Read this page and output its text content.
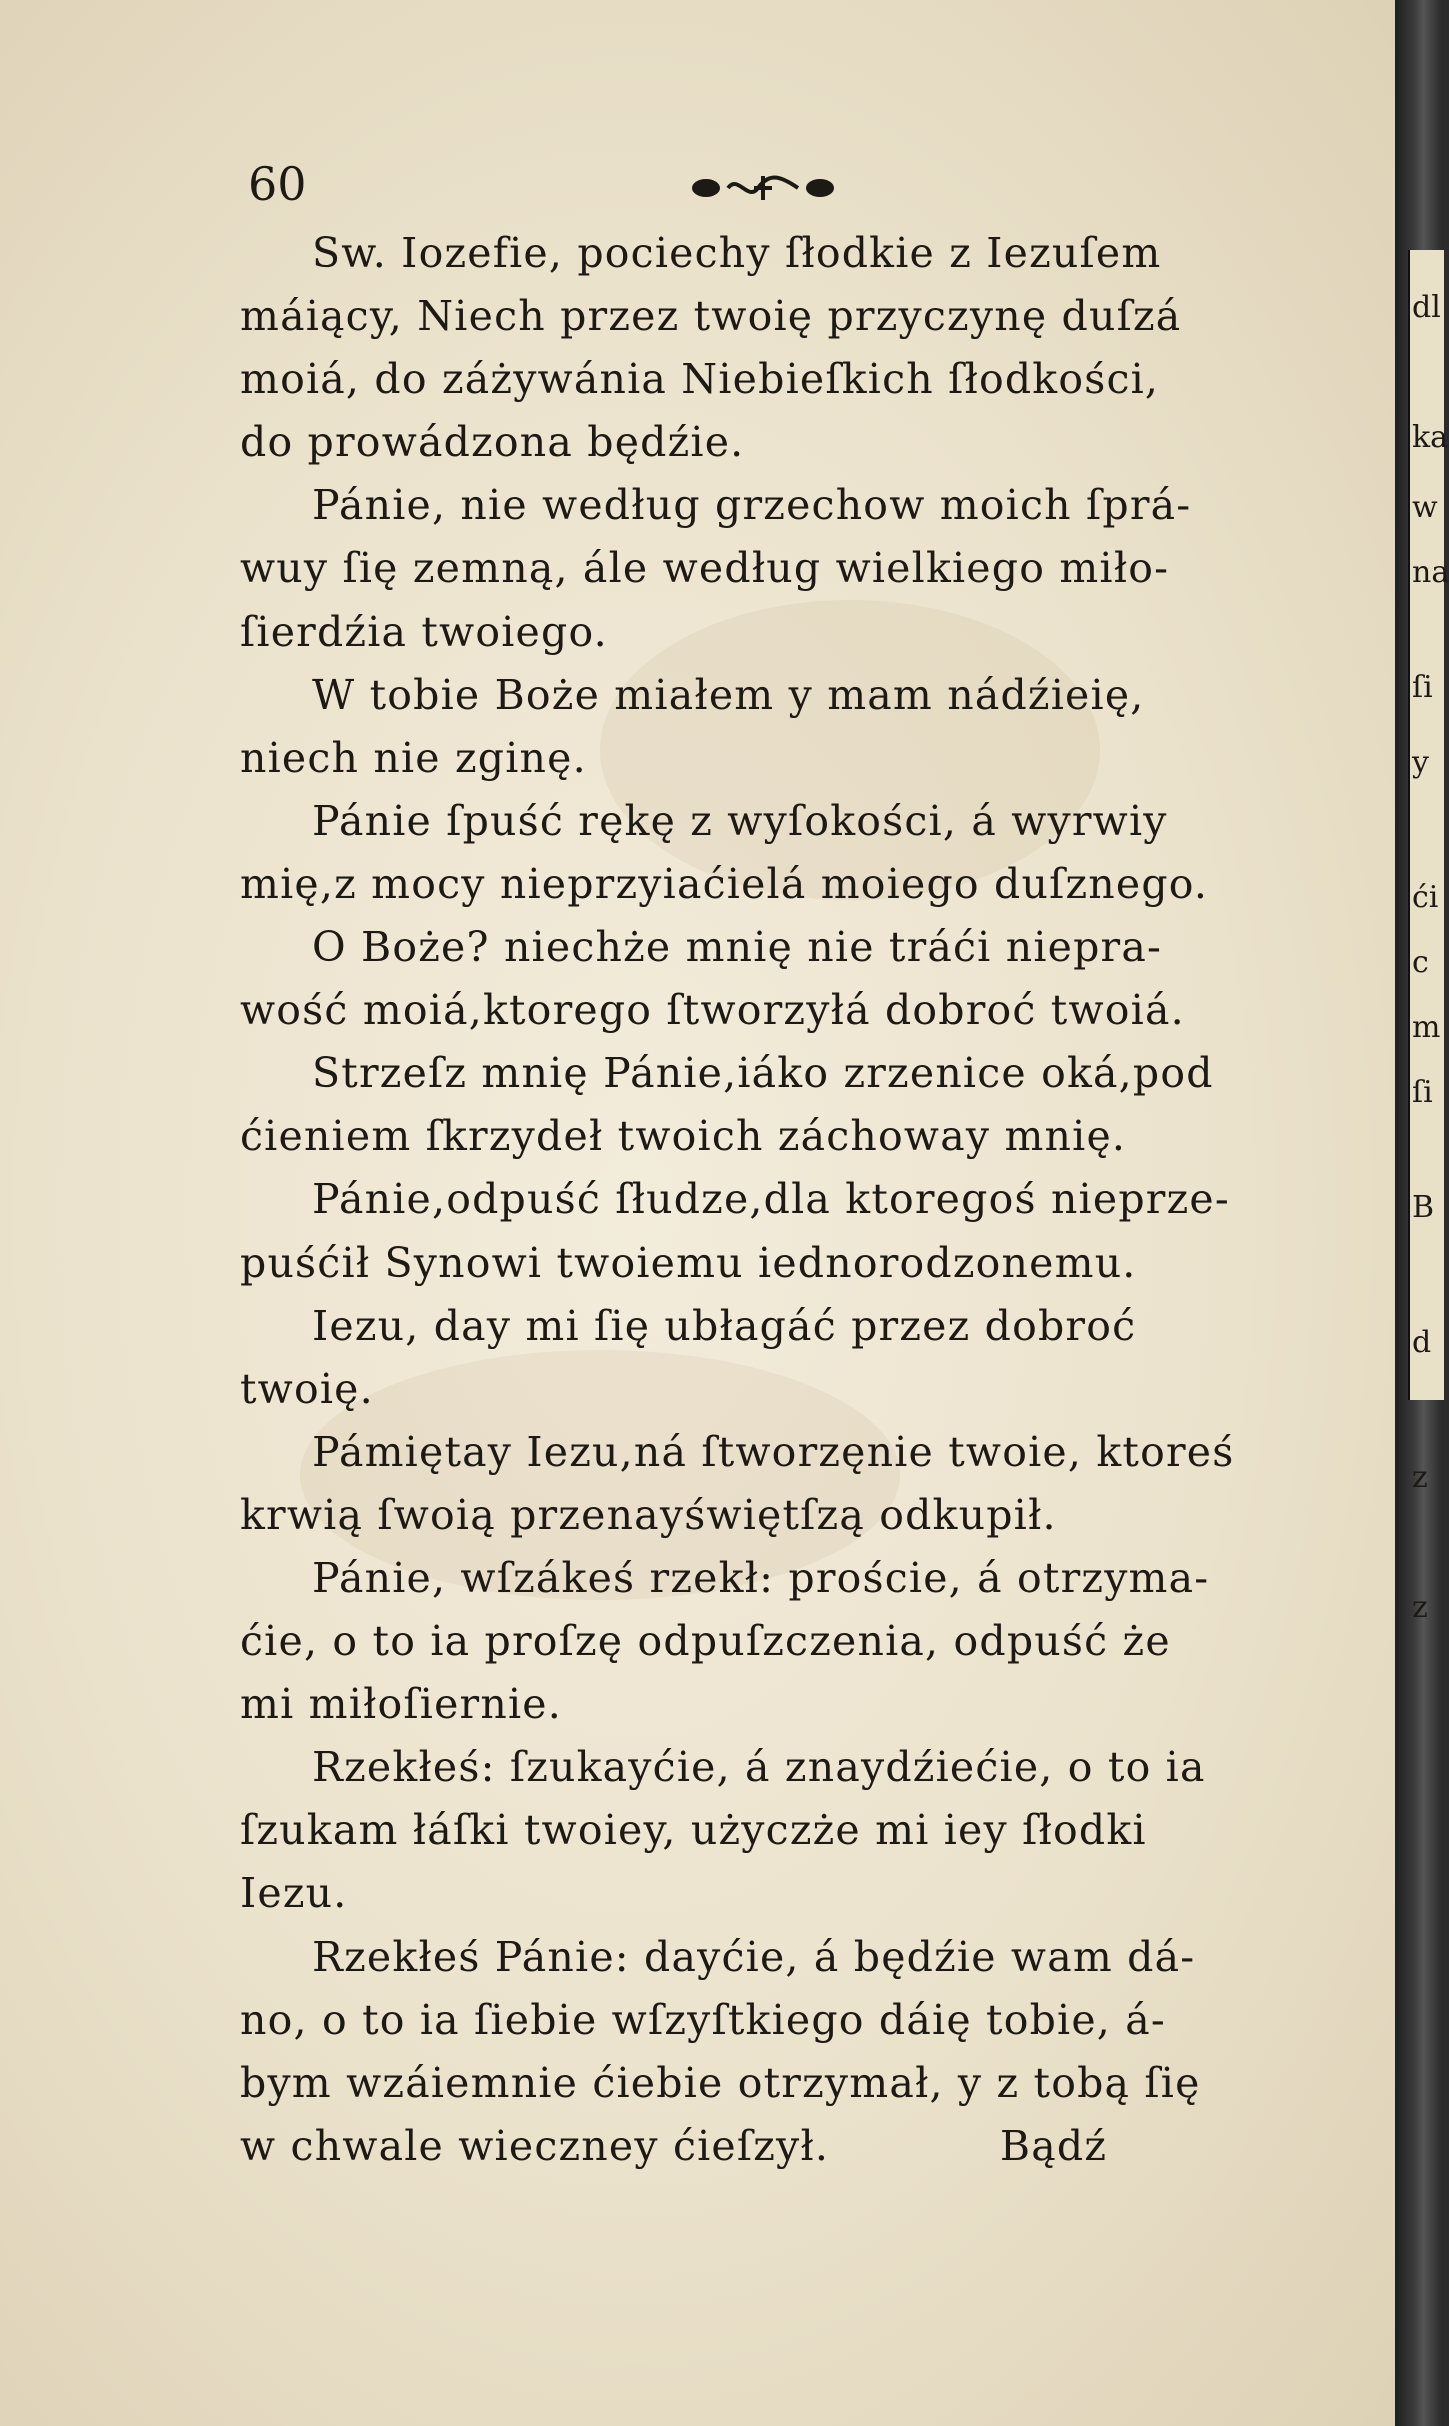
60
Sw. Iozefie, pociechy ſłodkie z Iezuſem
máiący, Niech przez twoię przyczynę duſzá
moiá, do záżywánia Niebieſkich ſłodkości,
do prowádzona będźie.
Pánie, nie według grzechow moich ſprá-
wuy ſię zemną, ále według wielkiego miło-
ſierdźia twoiego.
W tobie Boże miałem y mam nádźieię,
niech nie zginę.
Pánie ſpuść rękę z wyſokości, á wyrwiy
mię,z mocy nieprzyiaćielá moiego duſznego.
O Boże? niechże mnię nie tráći niepra-
wość moiá,ktorego ſtworzyłá dobroć twoiá.
Strzeſz mnię Pánie,iáko zrzenice oká,pod
ćieniem ſkrzydeł twoich záchoway mnię.
Pánie,odpuść ſłudze,dla ktoregoś nieprze-
puśćił Synowi twoiemu iednorodzonemu.
Iezu, day mi ſię ubłagáć przez dobroć
twoię.
Pámiętay Iezu,ná ſtworzęnie twoie, ktoreś
krwią ſwoią przenayświętſzą odkupił.
Pánie, wſzákeś rzekł: proście, á otrzyma-
ćie, o to ia proſzę odpuſzczenia, odpuść że
mi miłoſiernie.
Rzekłeś: ſzukayćie, á znaydźiećie, o to ia
ſzukam łáſki twoiey, użyczże mi iey ſłodki
Iezu.
Rzekłeś Pánie: dayćie, á będźie wam dá-
no, o to ia ſiebie wſzyſtkiego dáię tobie, á-
bym wzáiemnie ćiebie otrzymał, y z tobą ſię
w chwale wieczney ćieſzył.            Bądź
dl
ka
w
na
ſi
y
ći
c
m
ſi
B
d
z
z
